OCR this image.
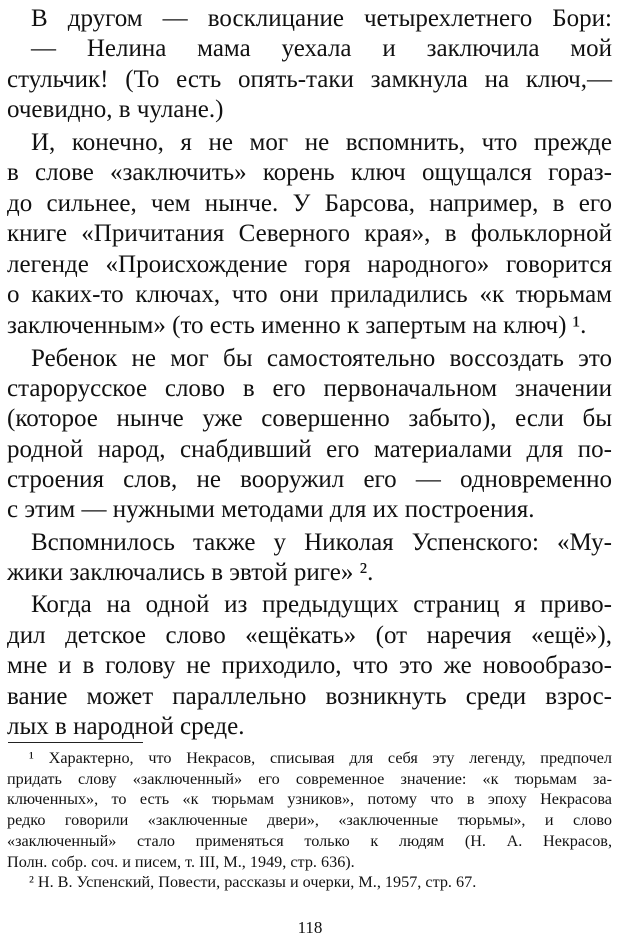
В другом — восклицание четырехлетнего Бори:
— Нелина мама уехала и заключила мой
стульчик! (То есть опять-таки замкнула на ключ,—
очевидно, в чулане.)
И, конечно, я не мог не вспомнить, что прежде
в слове «заключить» корень ключ ощущался гораз-
до сильнее, чем нынче. У Барсова, например, в его
книге «Причитания Северного края», в фольклорной
легенде «Происхождение горя народного» говорится
о каких-то ключах, что они приладились «к тюрьмам
заключенным» (то есть именно к запертым на ключ) ¹.
Ребенок не мог бы самостоятельно воссоздать это
старорусское слово в его первоначальном значении
(которое нынче уже совершенно забыто), если бы
родной народ, снабдивший его материалами для по-
строения слов, не вооружил его — одновременно
с этим — нужными методами для их построения.
Вспомнилось также у Николая Успенского: «Му-
жики заключались в эвтой риге» ².
Когда на одной из предыдущих страниц я приво-
дил детское слово «ещёкать» (от наречия «ещё»),
мне и в голову не приходило, что это же новообразо-
вание может параллельно возникнуть среди взрос-
лых в народной среде.
¹ Характерно, что Некрасов, списывая для себя эту легенду, предпочел
придать слову «заключенный» его современное значение: «к тюрьмам за-
ключенных», то есть «к тюрьмам узников», потому что в эпоху Некрасова
редко говорили «заключенные двери», «заключенные тюрьмы», и слово
«заключенный» стало применяться только к людям (Н. А. Некрасов,
Полн. собр. соч. и писем, т. III, М., 1949, стр. 636).
² Н. В. Успенский, Повести, рассказы и очерки, М., 1957, стр. 67.
118
